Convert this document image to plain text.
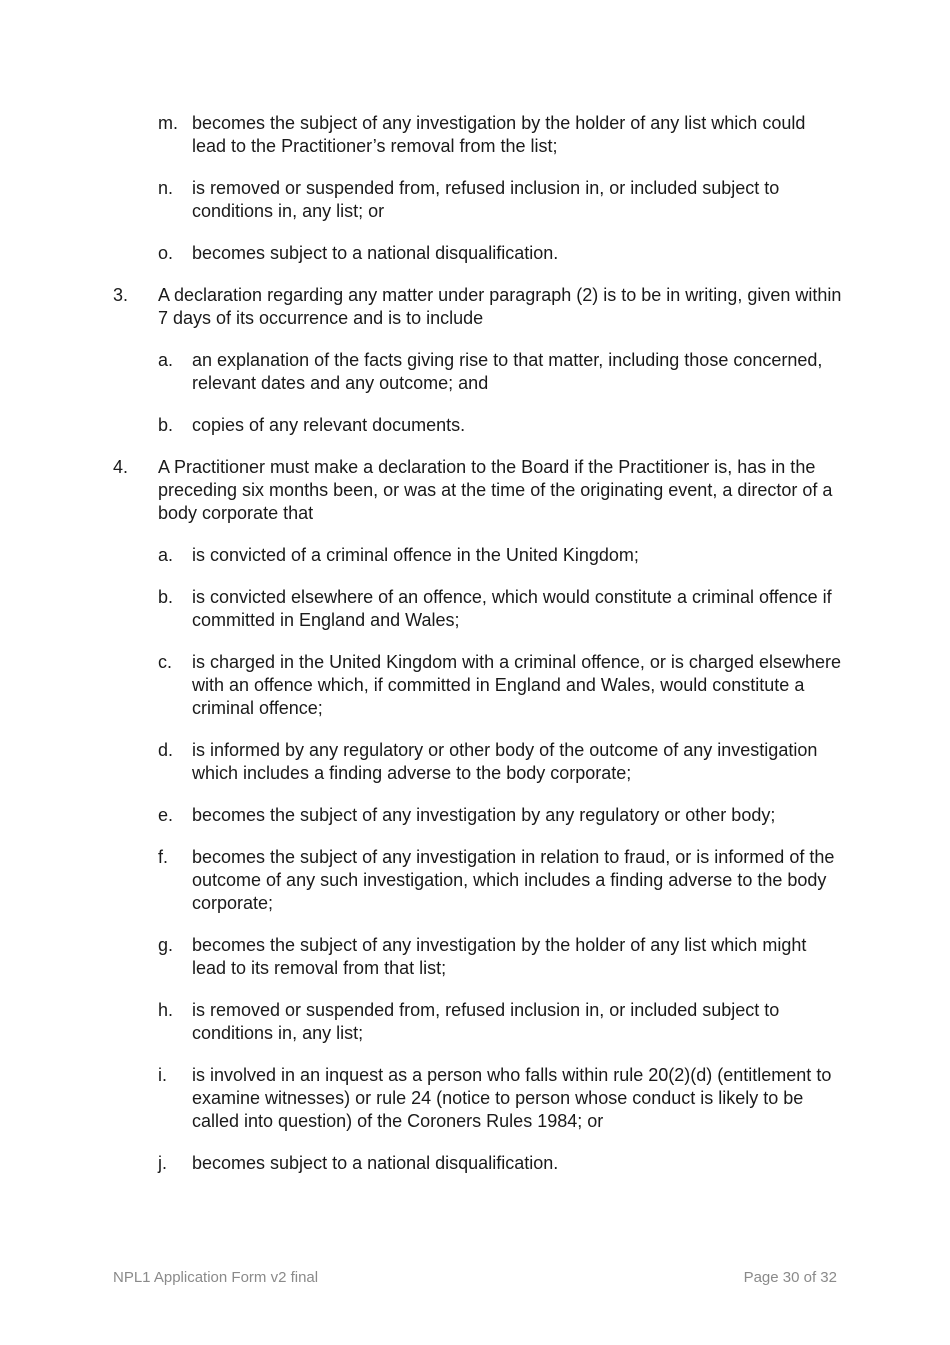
m. becomes the subject of any investigation by the holder of any list which could lead to the Practitioner’s removal from the list;
n.	is removed or suspended from, refused inclusion in, or included subject to conditions in, any list; or
o.	becomes subject to a national disqualification.
3.	A declaration regarding any matter under paragraph (2) is to be in writing, given within 7 days of its occurrence and is to include
a.	an explanation of the facts giving rise to that matter, including those concerned, relevant dates and any outcome; and
b.	copies of any relevant documents.
4.	A Practitioner must make a declaration to the Board if the Practitioner is, has in the preceding six months been, or was at the time of the originating event, a director of a body corporate that
a.	is convicted of a criminal offence in the United Kingdom;
b.	is convicted elsewhere of an offence, which would constitute a criminal offence if committed in England and Wales;
c.	is charged in the United Kingdom with a criminal offence, or is charged elsewhere with an offence which, if committed in England and Wales, would constitute a criminal offence;
d.	is informed by any regulatory or other body of the outcome of any investigation which includes a finding adverse to the body corporate;
e.	becomes the subject of any investigation by any regulatory or other body;
f.	becomes the subject of any investigation in relation to fraud, or is informed of the outcome of any such investigation, which includes a finding adverse to the body corporate;
g.	becomes the subject of any investigation by the holder of any list which might lead to its removal from that list;
h.	is removed or suspended from, refused inclusion in, or included subject to conditions in, any list;
i.	is involved in an inquest as a person who falls within rule 20(2)(d) (entitlement to examine witnesses) or rule 24 (notice to person whose conduct is likely to be called into question) of the Coroners Rules 1984; or
j.	becomes subject to a national disqualification.
NPL1 Application Form v2 final	Page 30 of 32
